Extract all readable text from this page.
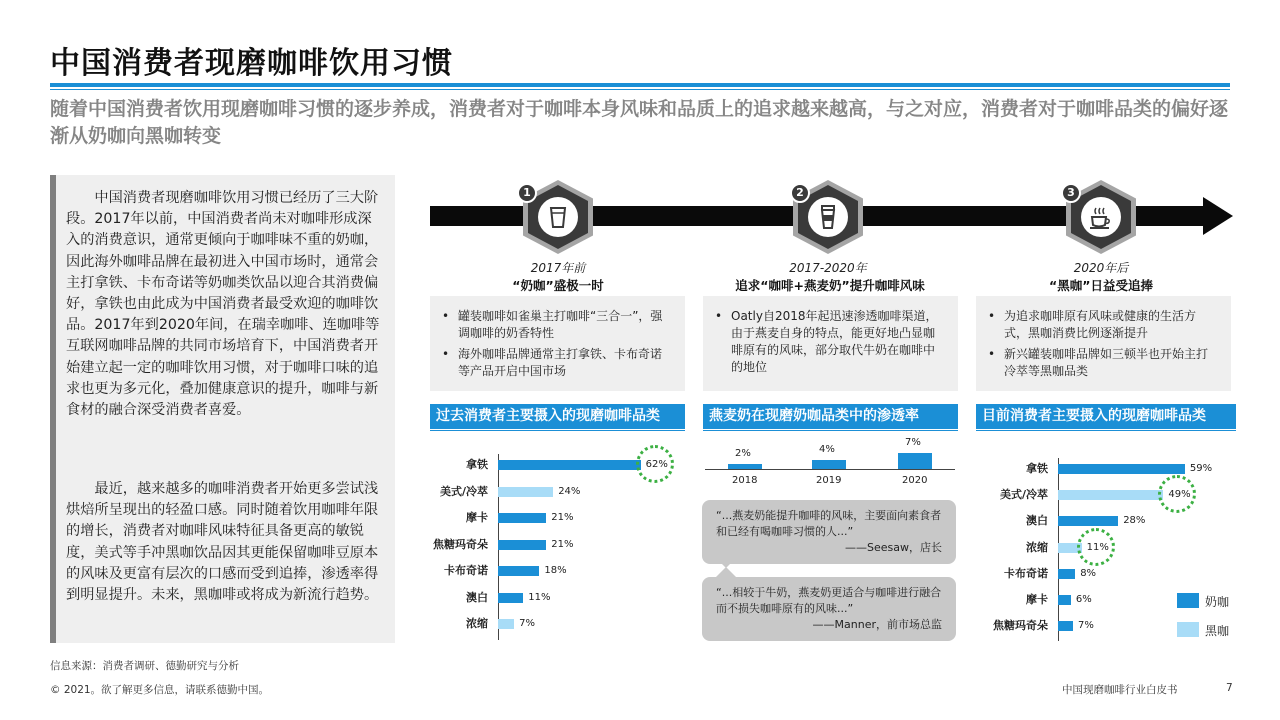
中国消费者现磨咖啡饮用习惯
随着中国消费者饮用现磨咖啡习惯的逐步养成，消费者对于咖啡本身风味和品质上的追求越来越高，与之对应，消费者对于咖啡品类的偏好逐渐从奶咖向黑咖转变

中国消费者现磨咖啡饮用习惯已经历了三大阶段。2017年以前，中国消费者尚未对咖啡形成深入的消费意识，通常更倾向于咖啡味不重的奶咖，因此海外咖啡品牌在最初进入中国市场时，通常会主打拿铁、卡布奇诺等奶咖类饮品以迎合其消费偏好，拿铁也由此成为中国消费者最受欢迎的咖啡饮品。2017年到2020年间，在瑞幸咖啡、连咖啡等互联网咖啡品牌的共同市场培育下，中国消费者开始建立起一定的咖啡饮用习惯，对于咖啡口味的追求也更为多元化，叠加健康意识的提升，咖啡与新食材的融合深受消费者喜爱。

最近，越来越多的咖啡消费者开始更多尝试浅烘焙所呈现出的轻盈口感。同时随着饮用咖啡年限的增长，消费者对咖啡风味特征具备更高的敏锐度，美式等手冲黑咖饮品因其更能保留咖啡豆原本的风味及更富有层次的口感而受到追捧，渗透率得到明显提升。未来，黑咖啡或将成为新流行趋势。

1	2	3
2017年前
“奶咖”盛极一时
2017-2020年
追求“咖啡+燕麦奶”提升咖啡风味
2020年后
“黑咖”日益受追捧
• 罐装咖啡如雀巢主打咖啡“三合一”，强调咖啡的奶香特性
• 海外咖啡品牌通常主打拿铁、卡布奇诺等产品开启中国市场
• Oatly自2018年起迅速渗透咖啡渠道，由于燕麦自身的特点，能更好地凸显咖啡原有的风味，部分取代牛奶在咖啡中的地位
• 为追求咖啡原有风味或健康的生活方式，黑咖消费比例逐渐提升
• 新兴罐装咖啡品牌如三顿半也开始主打冷萃等黑咖品类
过去消费者主要摄入的现磨咖啡品类	燕麦奶在现磨奶咖品类中的渗透率	目前消费者主要摄入的现磨咖啡品类
拿铁	62%
美式/冷萃	24%
摩卡	21%
焦糖玛奇朵	21%
卡布奇诺	18%
澳白	11%
浓缩	7%
2%
2018
4%
2019
7%
2020
拿铁	59%
美式/冷萃	49%
澳白	28%
浓缩	11%
卡布奇诺	8%
摩卡	6%
焦糖玛奇朵	7%
“...燕麦奶能提升咖啡的风味，主要面向素食者和已经有喝咖啡习惯的人...”
——Seesaw，店长
“...相较于牛奶，燕麦奶更适合与咖啡进行融合而不损失咖啡原有的风味...”
——Manner，前市场总监
奶咖
黑咖
信息来源：消费者调研、德勤研究与分析
© 2021。欲了解更多信息，请联系德勤中国。	中国现磨咖啡行业白皮书	7
